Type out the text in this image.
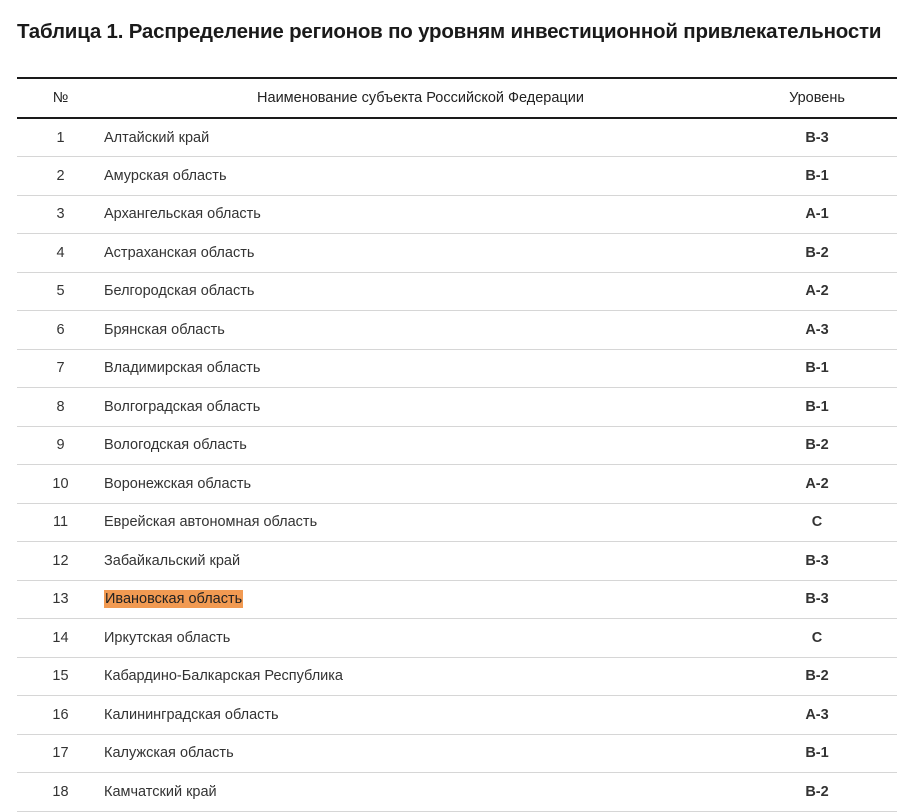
Таблица 1. Распределение регионов по уровням инвестиционной привлекательности
№	Наименование субъекта Российской Федерации	Уровень
1	Алтайский край	B-3
2	Амурская область	B-1
3	Архангельская область	A-1
4	Астраханская область	B-2
5	Белгородская область	A-2
6	Брянская область	A-3
7	Владимирская область	B-1
8	Волгоградская область	B-1
9	Вологодская область	B-2
10	Воронежская область	A-2
11	Еврейская автономная область	C
12	Забайкальский край	B-3
13	Ивановская область	B-3
14	Иркутская область	C
15	Кабардино-Балкарская Республика	B-2
16	Калининградская область	A-3
17	Калужская область	B-1
18	Камчатский край	B-2
